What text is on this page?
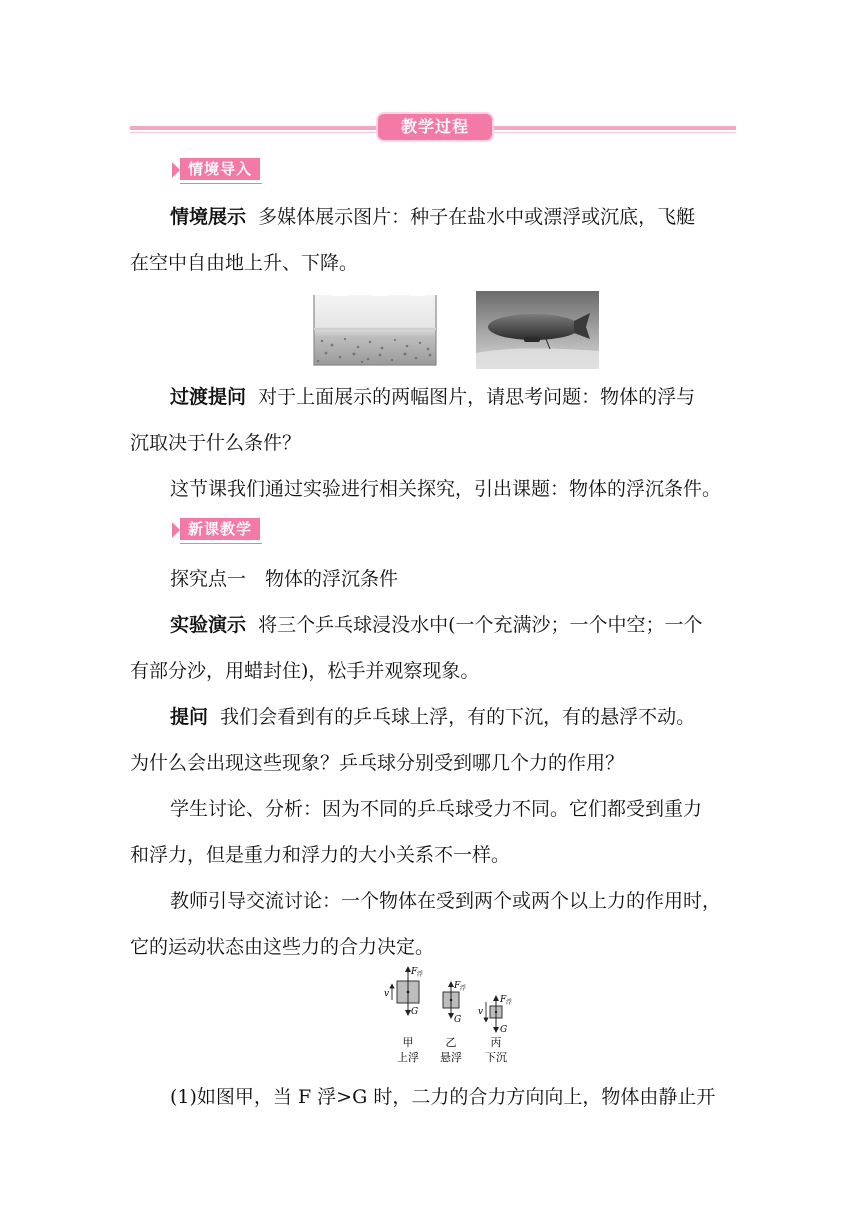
教学过程
情境导入

情境展示 多媒体展示图片：种子在盐水中或漂浮或沉底，飞艇

在空中自由地上升、下降。

过渡提问 对于上面展示的两幅图片，请思考问题：物体的浮与

沉取决于什么条件？

这节课我们通过实验进行相关探究，引出课题：物体的浮沉条件。

新课教学

探究点一　物体的浮沉条件

实验演示 将三个乒乓球浸没水中(一个充满沙；一个中空；一个

有部分沙，用蜡封住)，松手并观察现象。

提问 我们会看到有的乒乓球上浮，有的下沉，有的悬浮不动。

为什么会出现这些现象？乒乓球分别受到哪几个力的作用？

学生讨论、分析：因为不同的乒乓球受力不同。它们都受到重力

和浮力，但是重力和浮力的大小关系不一样。

教师引导交流讨论：一个物体在受到两个或两个以上力的作用时，

它的运动状态由这些力的合力决定。

v
F 浮
G
F 浮
G
v
F 浮
G
甲	乙	丙
上浮 悬浮 下沉

(1)如图甲，当 F 浮>G 时，二力的合力方向向上，物体由静止开
